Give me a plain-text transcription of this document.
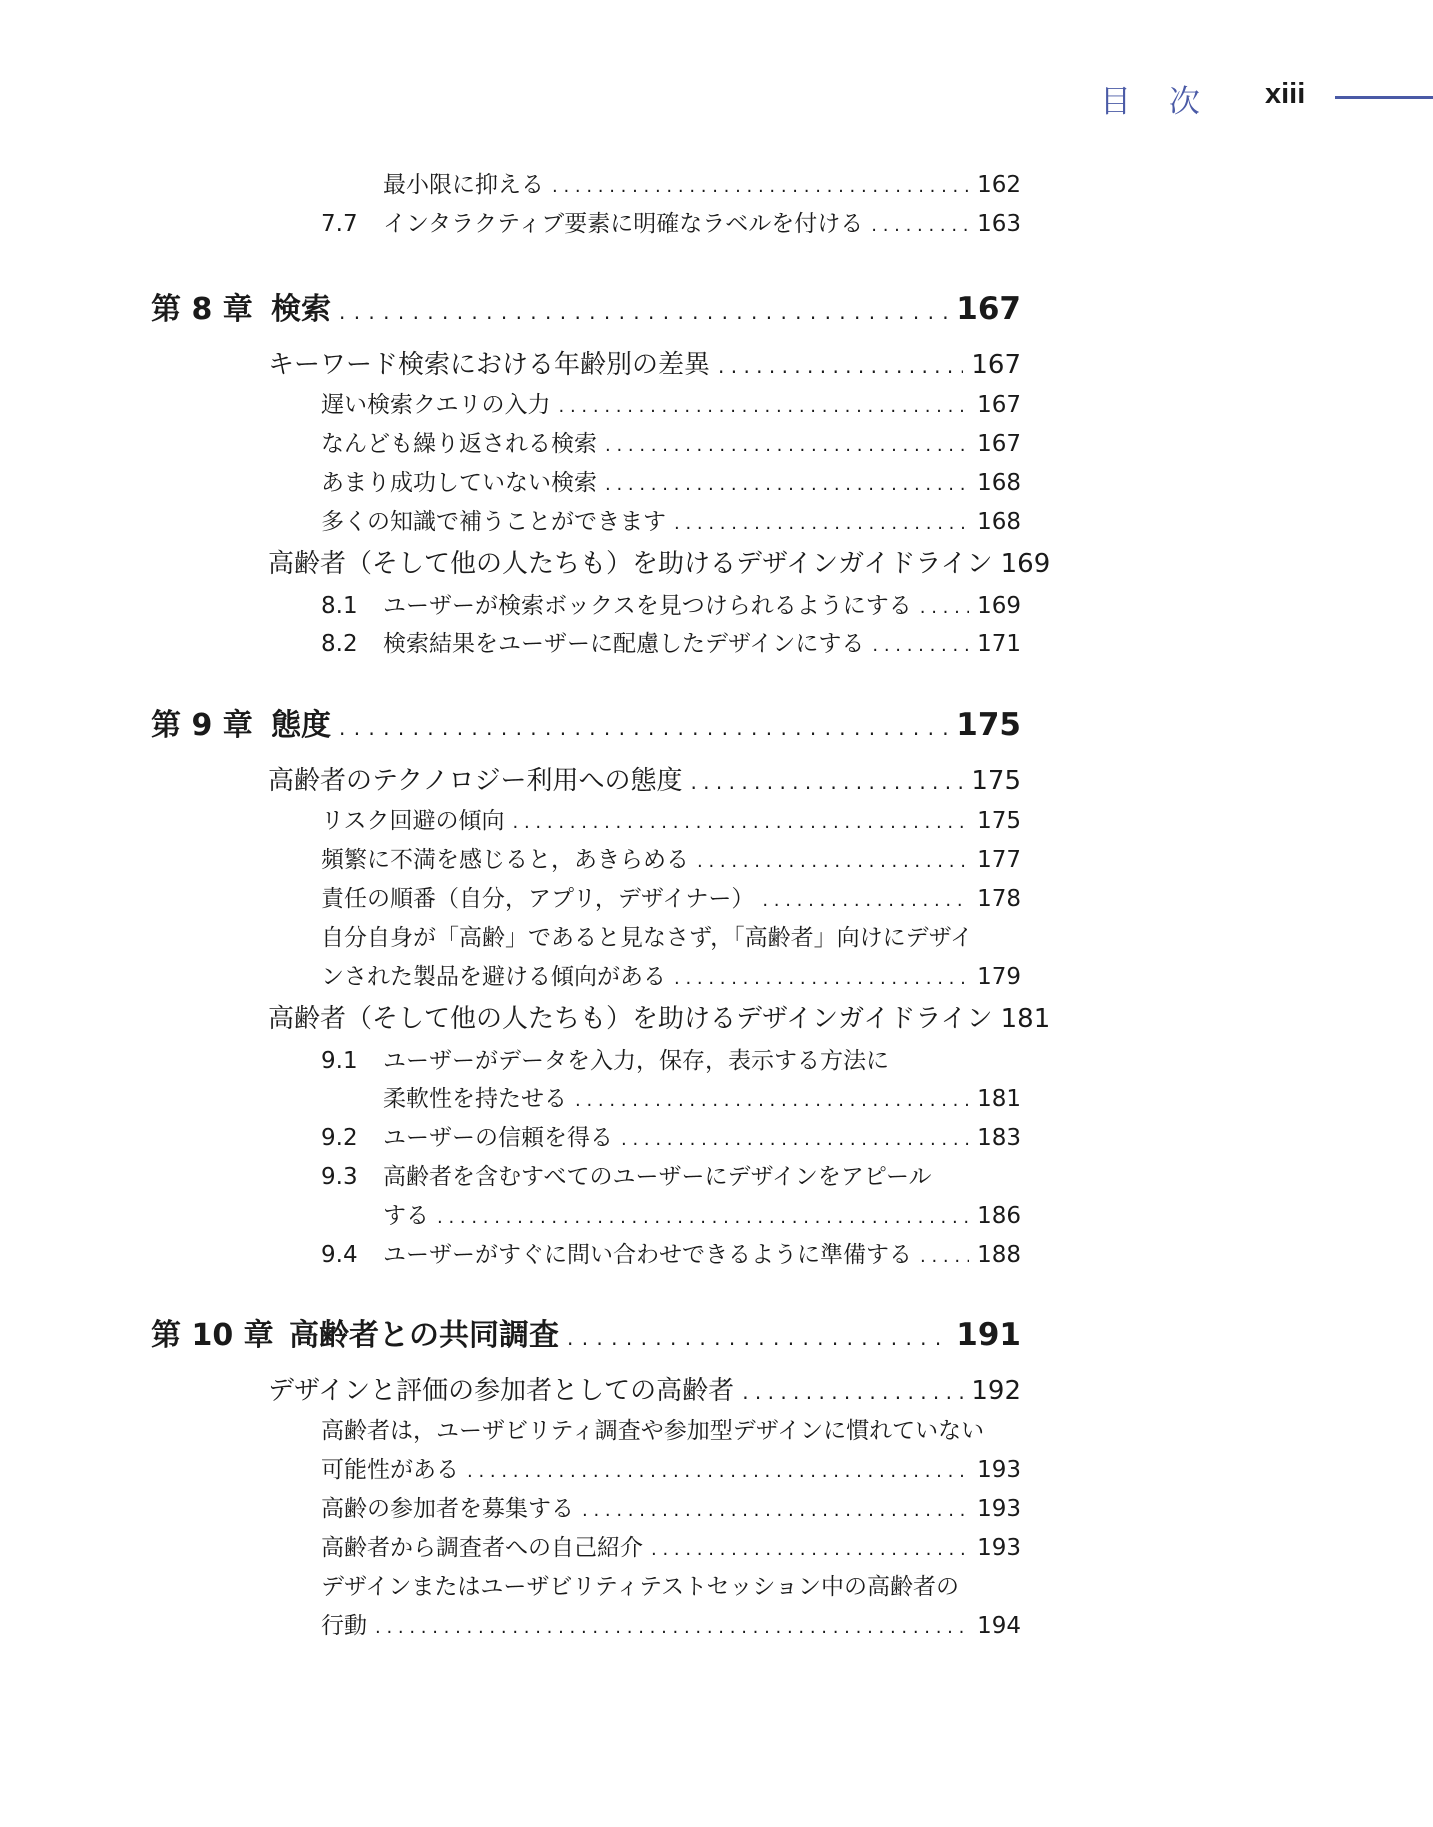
目 次 xiii
最小限に抑える . . .	162
7.7	インタラクティブ要素に明確なラベルを付ける . . .	163
第 8 章 検索 . . .	167
キーワード検索における年齢別の差異 . . .	167
遅い検索クエリの入力 . . .	167
なんども繰り返される検索 . . .	167
あまり成功していない検索 . . .	168
多くの知識で補うことができます . . .	168
高齢者（そして他の人たちも）を助けるデザインガイドライン 169
8.1	ユーザーが検索ボックスを見つけられるようにする . . .	169
8.2	検索結果をユーザーに配慮したデザインにする . . .	171
第 9 章 態度 . . .	175
高齢者のテクノロジー利用への態度 . . .	175
リスク回避の傾向 . . .	175
頻繁に不満を感じると，あきらめる . . .	177
責任の順番（自分，アプリ，デザイナー） . . .	178
自分自身が「高齢」であると見なさず，「高齢者」向けにデザイ
ンされた製品を避ける傾向がある . . .	179
高齢者（そして他の人たちも）を助けるデザインガイドライン 181
9.1	ユーザーがデータを入力，保存，表示する方法に
柔軟性を持たせる . . .	181
9.2	ユーザーの信頼を得る . . .	183
9.3	高齢者を含むすべてのユーザーにデザインをアピール
する . . .	186
9.4	ユーザーがすぐに問い合わせできるように準備する . . .	188
第 10 章 高齢者との共同調査 . . .	191
デザインと評価の参加者としての高齢者 . . .	192
高齢者は，ユーザビリティ調査や参加型デザインに慣れていない
可能性がある . . .	193
高齢の参加者を募集する . . .	193
高齢者から調査者への自己紹介 . . .	193
デザインまたはユーザビリティテストセッション中の高齢者の
行動 . . .	194
